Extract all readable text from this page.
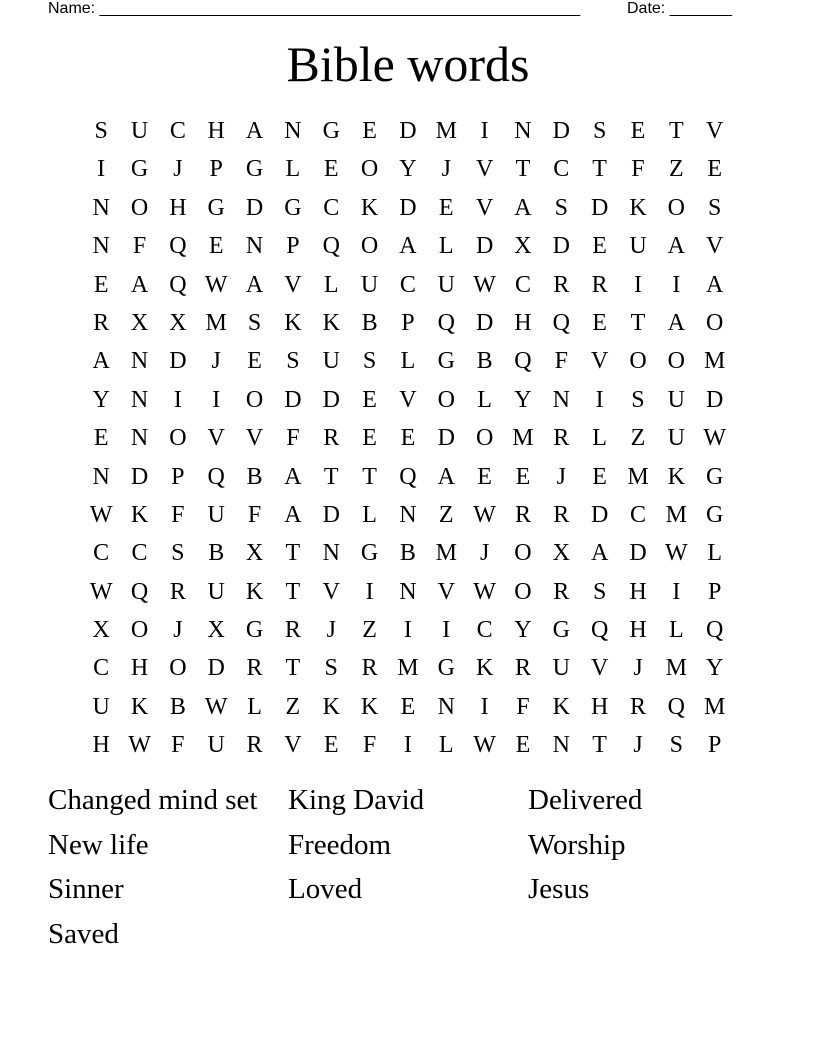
Name: ______________________________________________________	Date: _______
Bible words
S U C H A N G E D M I	N D S	E T V
I	G	J	P G L E O Y	J	V T C T	F	Z E
N O H G D G C K D E V A S D K O S
N F Q E N P Q O A L D X D E U A V
E A Q W A V L U C U W C R R	I	I	A
R X X M S K K B P Q D H Q E T A O
A N D	J	E	S U S	L G B Q F V O O M
Y N	I	I	O D D E V O L Y N	I	S U D
E N O V V F R E E D O M R L Z U W
N D P Q B A T T Q A E E	J	E M K G
W K F U F A D L N Z W R R D C M G
C C S B X T N G B M J	O X A D W L
W Q R U K T V	I	N V W O R S H	I	P
X O	J	X G R	J	Z	I	I	C Y G Q H L Q
C H O D R T	S R M G K R U V	J M Y
U K B W L Z K K E N	I	F K H R Q M
H W F U R V E	F	I	L W E N T	J	S	P
Changed mind set	King David	Delivered
New life	Freedom	Worship
Sinner	Loved	Jesus
Saved
